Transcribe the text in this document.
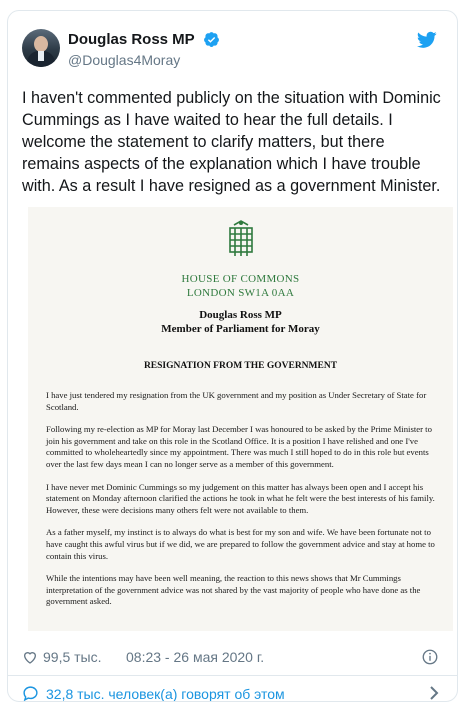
Douglas Ross MP
@Douglas4Moray
I haven't commented publicly on the situation with Dominic Cummings as I have waited to hear the full details. I welcome the statement to clarify matters, but there remains aspects of the explanation which I have trouble with. As a result I have resigned as a government Minister.
HOUSE OF COMMONS
LONDON SW1A 0AA
Douglas Ross MP
Member of Parliament for Moray
RESIGNATION FROM THE GOVERNMENT

I have just tendered my resignation from the UK government and my position as Under Secretary of State for Scotland.

Following my re-election as MP for Moray last December I was honoured to be asked by the Prime Minister to join his government and take on this role in the Scotland Office. It is a position I have relished and one I've committed to wholeheartedly since my appointment. There was much I still hoped to do in this role but events over the last few days mean I can no longer serve as a member of this government.

I have never met Dominic Cummings so my judgement on this matter has always been open and I accept his statement on Monday afternoon clarified the actions he took in what he felt were the best interests of his family. However, these were decisions many others felt were not available to them.

As a father myself, my instinct is to always do what is best for my son and wife. We have been fortunate not to have caught this awful virus but if we did, we are prepared to follow the government advice and stay at home to contain this virus.

While the intentions may have been well meaning, the reaction to this news shows that Mr Cummings interpretation of the government advice was not shared by the vast majority of people who have done as the government asked.

99,5 тыс. 08:23 - 26 мая 2020 г.
32,8 тыс. человек(а) говорят об этом
